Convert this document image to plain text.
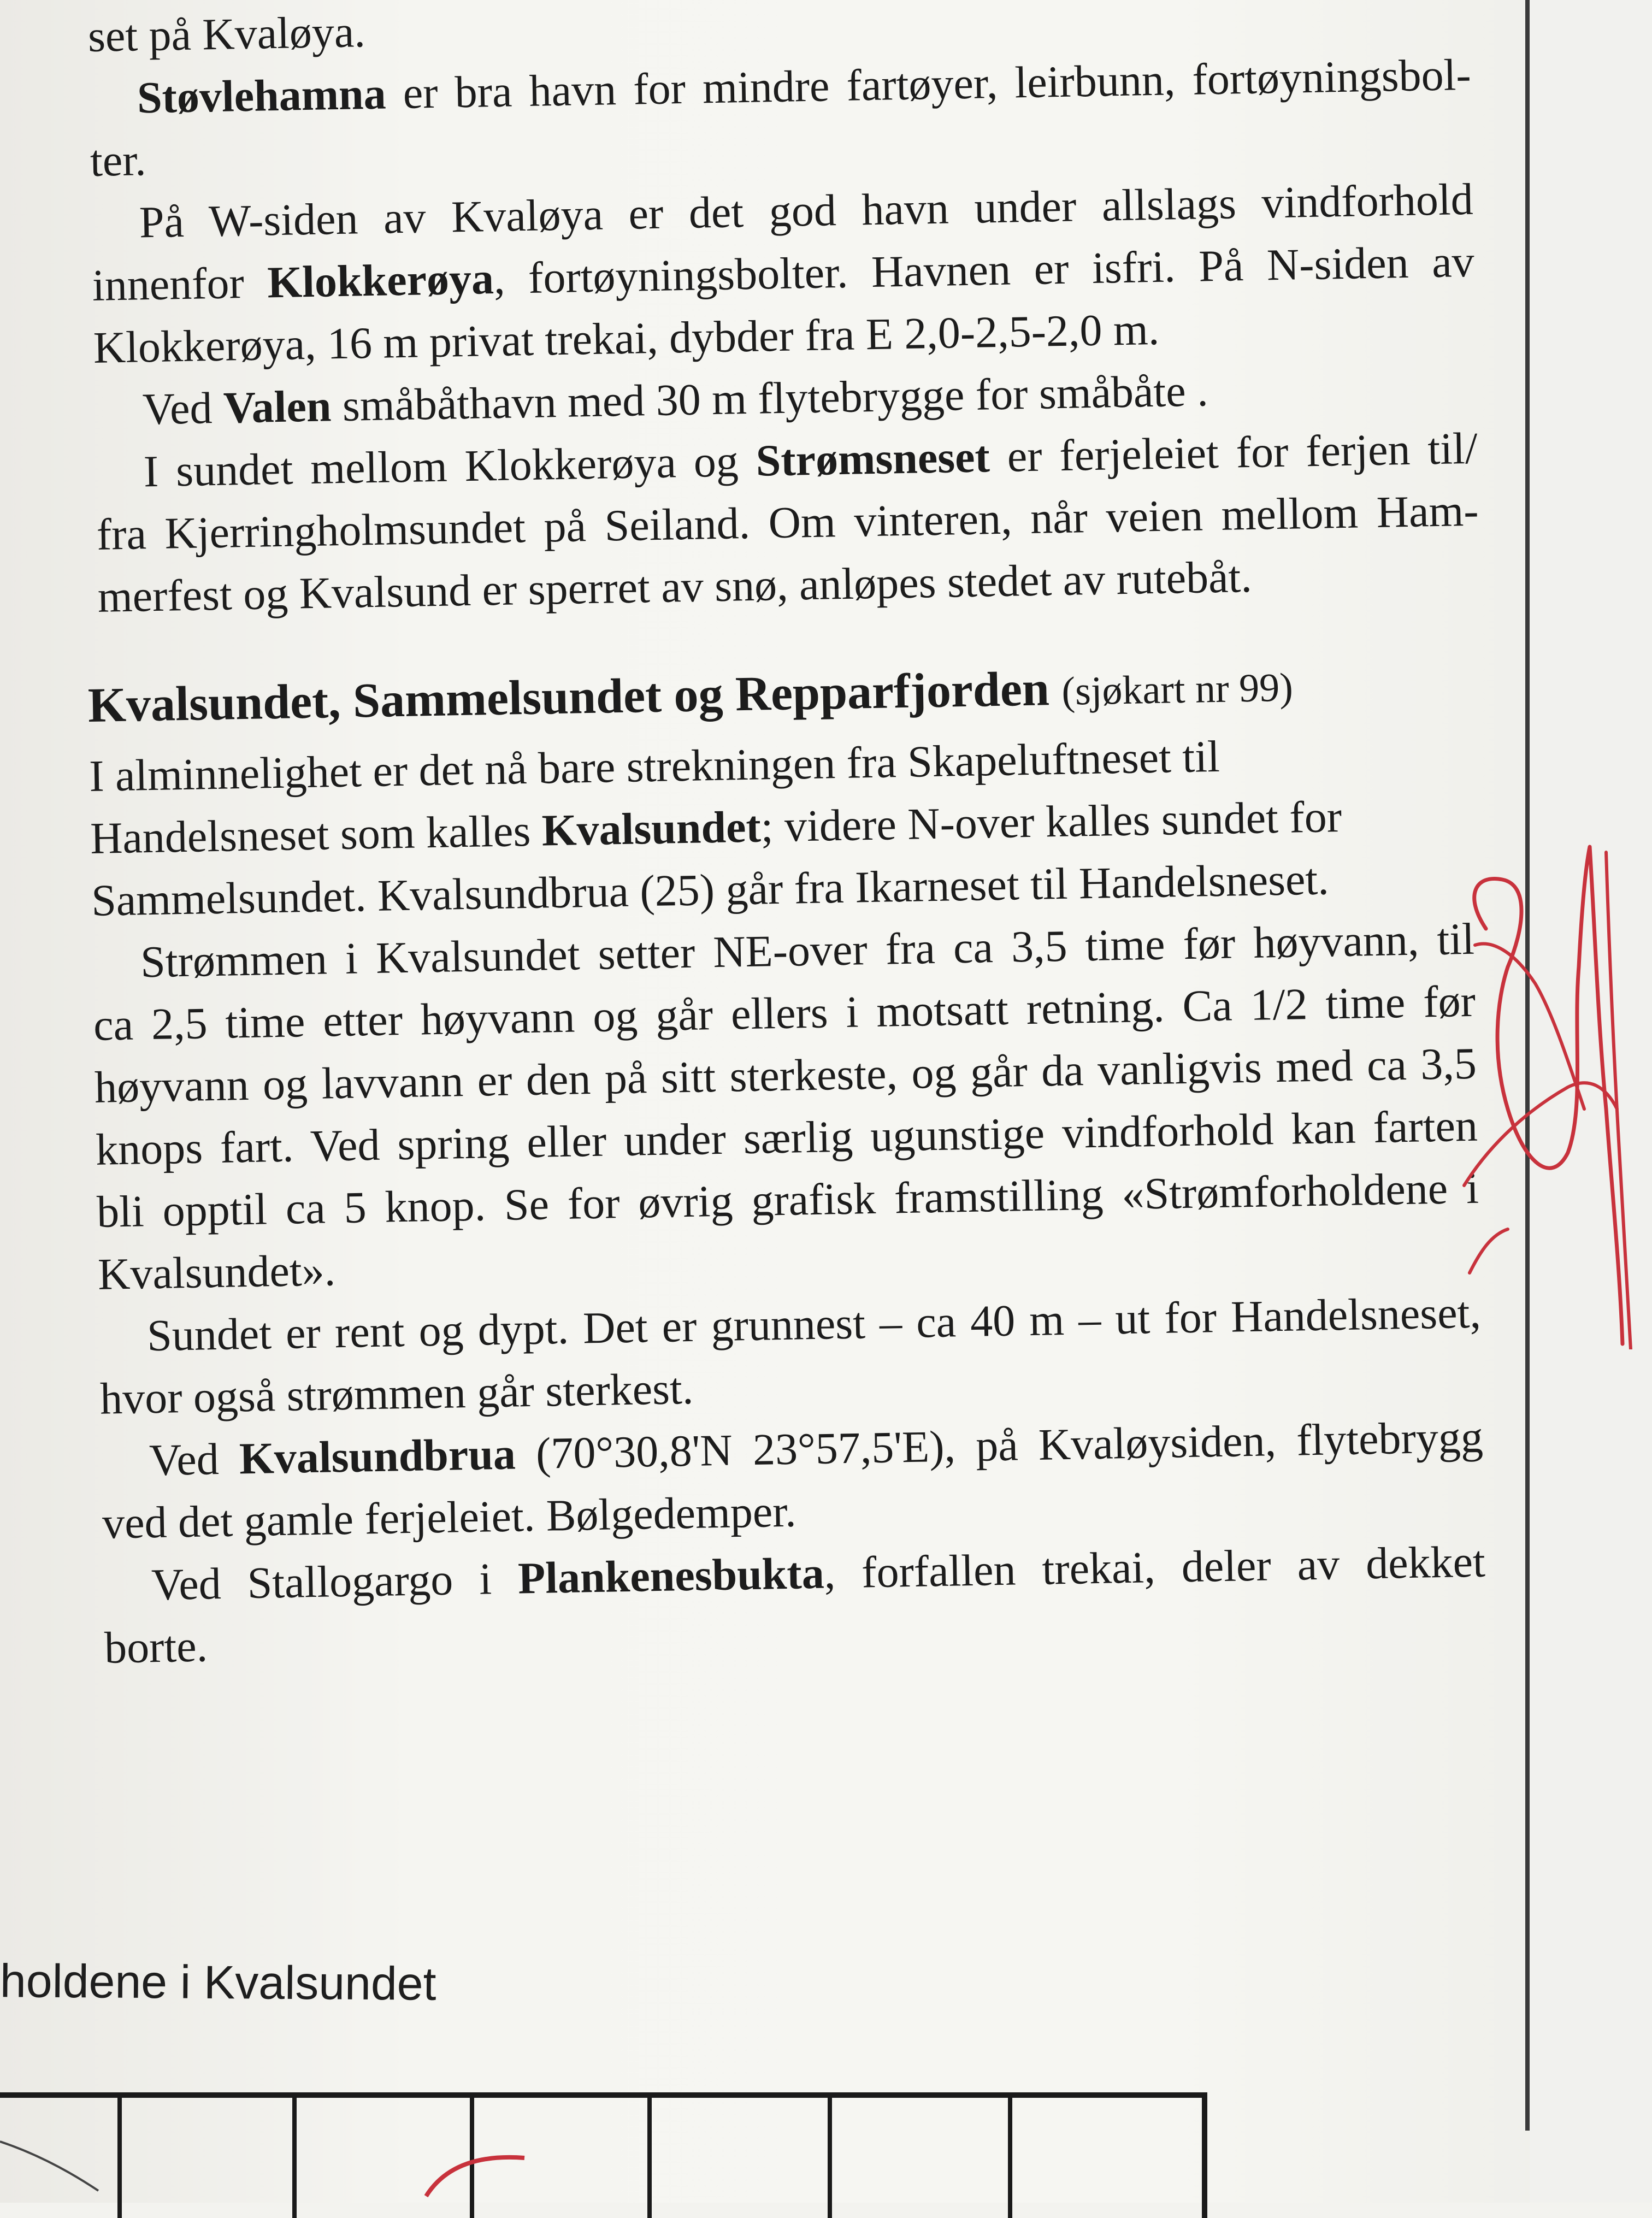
set på Kvaløya.
Støvlehamna er bra havn for mindre fartøyer, leirbunn, fortøyningsbol-
ter.
På W-siden av Kvaløya er det god havn under allslags vindforhold
innenfor Klokkerøya, fortøyningsbolter. Havnen er isfri. På N-siden av
Klokkerøya, 16 m privat trekai, dybder fra E 2,0-2,5-2,0 m.
Ved Valen småbåthavn med 30 m flytebrygge for småbåte .
I sundet mellom Klokkerøya og Strømsneset er ferjeleiet for ferjen til/
fra Kjerringholmsundet på Seiland. Om vinteren, når veien mellom Ham-
merfest og Kvalsund er sperret av snø, anløpes stedet av rutebåt.
Kvalsundet, Sammelsundet og Repparfjorden (sjøkart nr 99)
I alminnelighet er det nå bare strekningen fra Skapeluftneset til
Handelsneset som kalles Kvalsundet; videre N-over kalles sundet for
Sammelsundet. Kvalsundbrua (25) går fra Ikarneset til Handelsneset.
Strømmen i Kvalsundet setter NE-over fra ca 3,5 time før høyvann, til
ca 2,5 time etter høyvann og går ellers i motsatt retning. Ca 1/2 time før
høyvann og lavvann er den på sitt sterkeste, og går da vanligvis med ca 3,5
knops fart. Ved spring eller under særlig ugunstige vindforhold kan farten
bli opptil ca 5 knop. Se for øvrig grafisk framstilling «Strømforholdene i
Kvalsundet».
Sundet er rent og dypt. Det er grunnest – ca 40 m – ut for Handelsneset,
hvor også strømmen går sterkest.
Ved Kvalsundbrua (70°30,8'N 23°57,5'E), på Kvaløysiden, flytebrygg
ved det gamle ferjeleiet. Bølgedemper.
Ved Stallogargo i Plankenesbukta, forfallen trekai, deler av dekket
borte.
holdene i Kvalsundet
